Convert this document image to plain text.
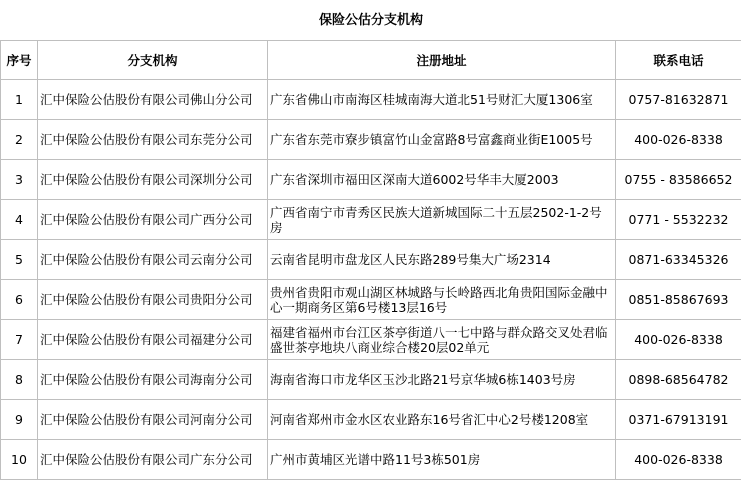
保险公估分支机构			
序号	分支机构	注册地址	联系电话
1	汇中保险公估股份有限公司佛山分公司	广东省佛山市南海区桂城南海大道北51号财汇大厦1306室	0757-81632871
2	汇中保险公估股份有限公司东莞分公司	广东省东莞市寮步镇富竹山金富路8号富鑫商业街E1005号	400-026-8338
3	汇中保险公估股份有限公司深圳分公司	广东省深圳市福田区深南大道6002号华丰大厦2003	0755 - 83586652
4	汇中保险公估股份有限公司广西分公司	广西省南宁市青秀区民族大道新城国际二十五层2502-1-2号房	0771 - 5532232
5	汇中保险公估股份有限公司云南分公司	云南省昆明市盘龙区人民东路289号集大广场2314	0871-63345326
6	汇中保险公估股份有限公司贵阳分公司	贵州省贵阳市观山湖区林城路与长岭路西北角贵阳国际金融中心一期商务区第6号楼13层16号	0851-85867693
7	汇中保险公估股份有限公司福建分公司	福建省福州市台江区茶亭街道八一七中路与群众路交叉处君临盛世茶亭地块八商业综合楼20层02单元	400-026-8338
8	汇中保险公估股份有限公司海南分公司	海南省海口市龙华区玉沙北路21号京华城6栋1403号房	0898-68564782
9	汇中保险公估股份有限公司河南分公司	河南省郑州市金水区农业路东16号省汇中心2号楼1208室	0371-67913191
10	汇中保险公估股份有限公司广东分公司	广州市黄埔区光谱中路11号3栋501房	400-026-8338
